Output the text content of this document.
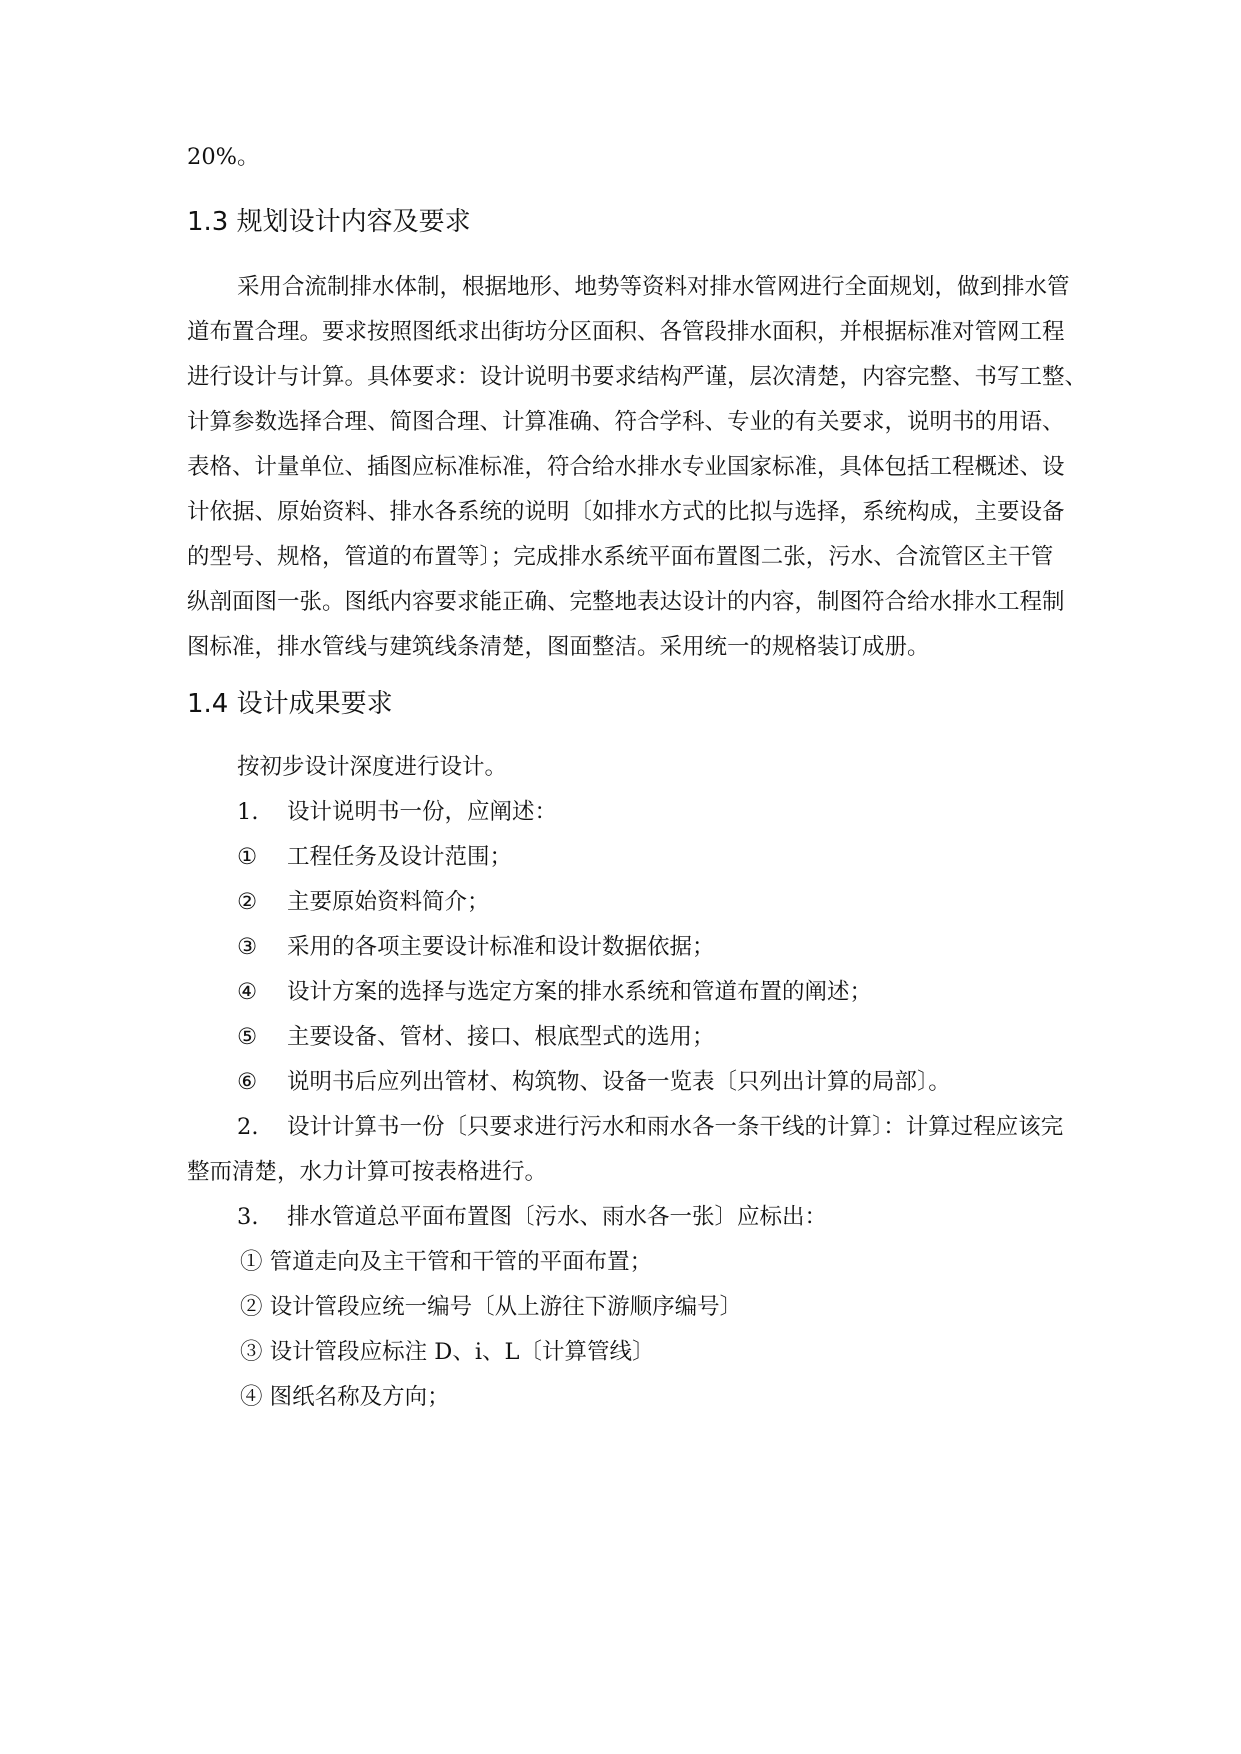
20%。
1.3 规划设计内容及要求
采用合流制排水体制，根据地形、地势等资料对排水管网进行全面规划，做到排水管
道布置合理。要求按照图纸求出街坊分区面积、各管段排水面积，并根据标准对管网工程
进行设计与计算。具体要求：设计说明书要求结构严谨，层次清楚，内容完整、书写工整、
计算参数选择合理、简图合理、计算准确、符合学科、专业的有关要求，说明书的用语、
表格、计量单位、插图应标准标准，符合给水排水专业国家标准，具体包括工程概述、设
计依据、原始资料、排水各系统的说明〔如排水方式的比拟与选择，系统构成，主要设备
的型号、规格，管道的布置等〕；完成排水系统平面布置图二张，污水、合流管区主干管
纵剖面图一张。图纸内容要求能正确、完整地表达设计的内容，制图符合给水排水工程制
图标准，排水管线与建筑线条清楚，图面整洁。采用统一的规格装订成册。
1.4 设计成果要求
按初步设计深度进行设计。
1. 设计说明书一份，应阐述：
① 工程任务及设计范围；
② 主要原始资料简介；
③ 采用的各项主要设计标准和设计数据依据；
④ 设计方案的选择与选定方案的排水系统和管道布置的阐述；
⑤ 主要设备、管材、接口、根底型式的选用；
⑥ 说明书后应列出管材、构筑物、设备一览表〔只列出计算的局部〕。
2. 设计计算书一份〔只要求进行污水和雨水各一条干线的计算〕：计算过程应该完
整而清楚，水力计算可按表格进行。
3. 排水管道总平面布置图〔污水、雨水各一张〕应标出：
① 管道走向及主干管和干管的平面布置；
② 设计管段应统一编号〔从上游往下游顺序编号〕
③ 设计管段应标注 D、i、L〔计算管线〕
④ 图纸名称及方向；
